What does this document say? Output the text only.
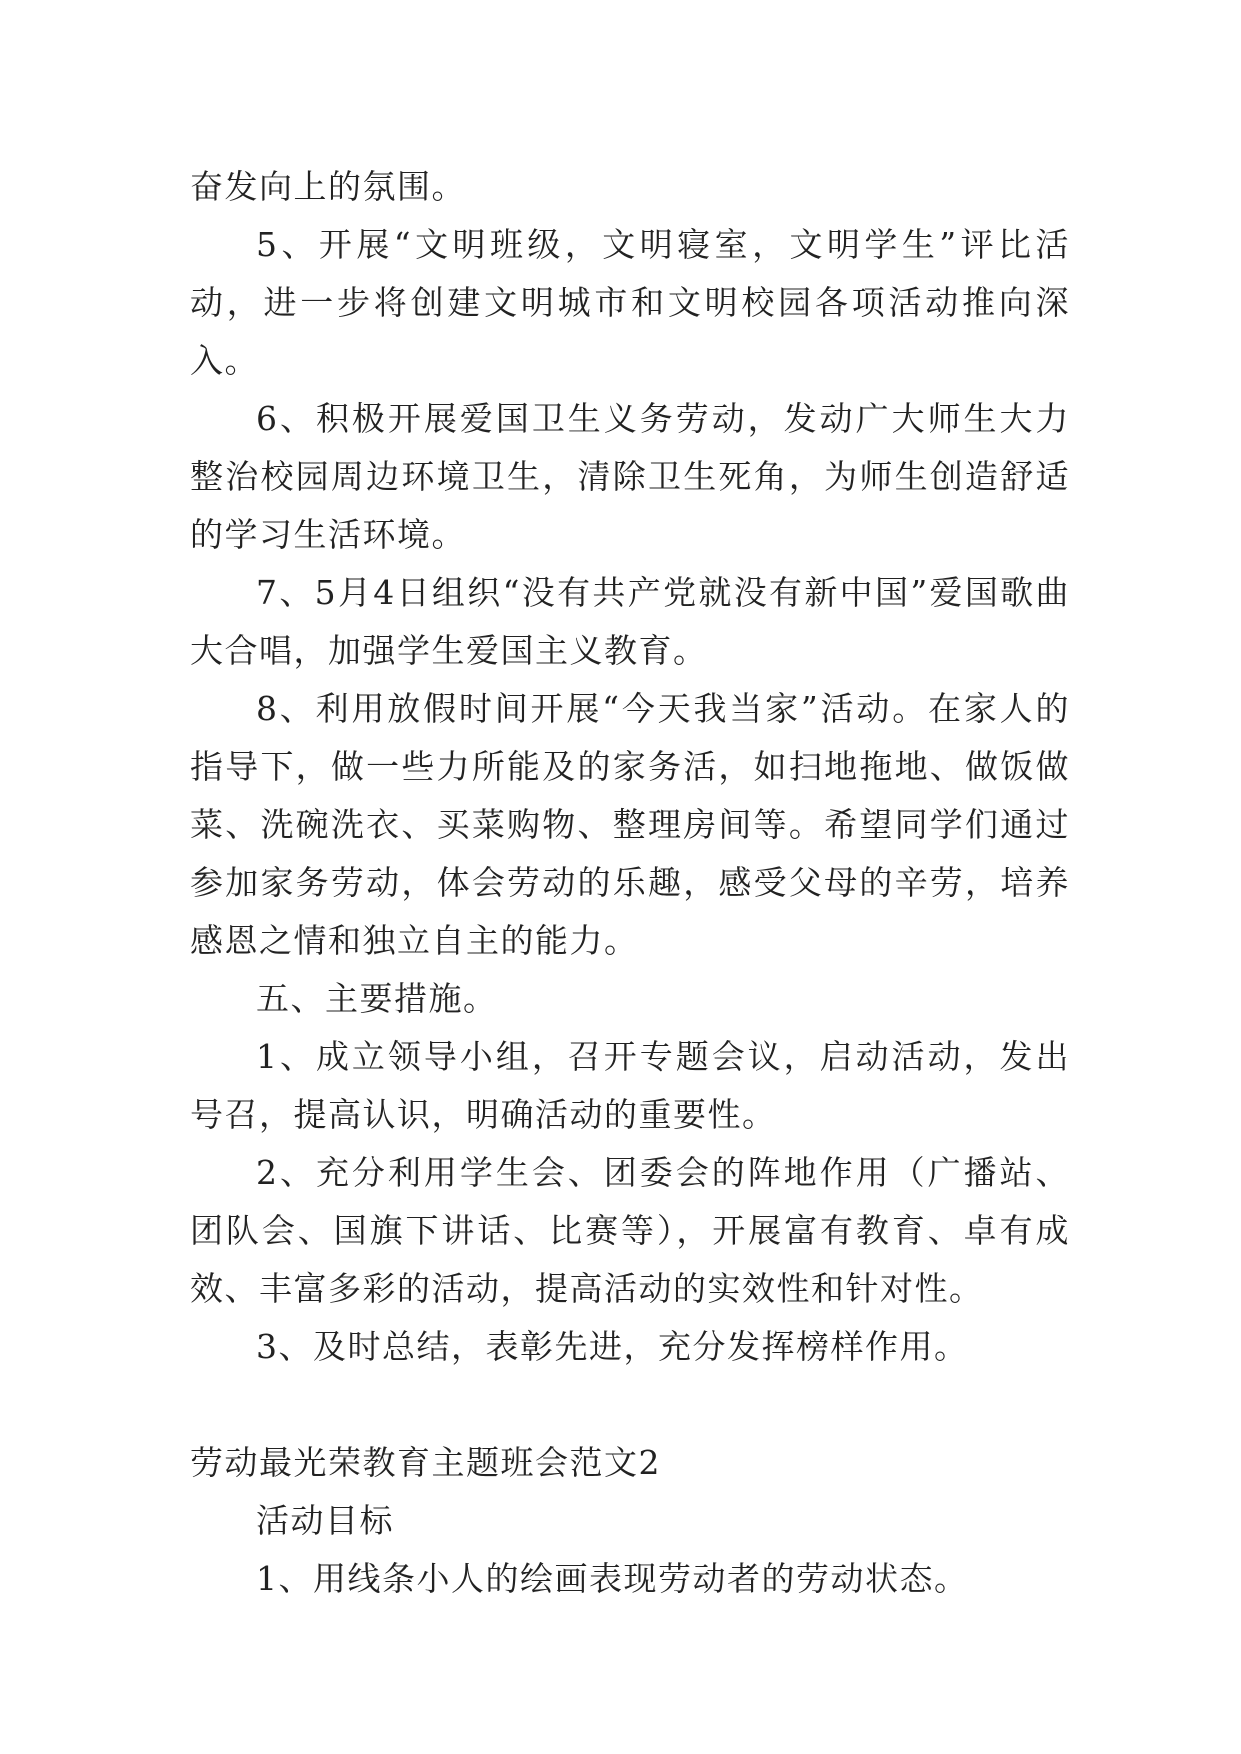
奋发向上的氛围。

5、开展“文明班级，文明寝室，文明学生”评比活动，进一步将创建文明城市和文明校园各项活动推向深入。

6、积极开展爱国卫生义务劳动，发动广大师生大力整治校园周边环境卫生，清除卫生死角，为师生创造舒适的学习生活环境。

7、5月4日组织“没有共产党就没有新中国”爱国歌曲大合唱，加强学生爱国主义教育。

8、利用放假时间开展“今天我当家”活动。在家人的指导下，做一些力所能及的家务活，如扫地拖地、做饭做菜、洗碗洗衣、买菜购物、整理房间等。希望同学们通过参加家务劳动，体会劳动的乐趣，感受父母的辛劳，培养感恩之情和独立自主的能力。

五、主要措施。

1、成立领导小组，召开专题会议，启动活动，发出号召，提高认识，明确活动的重要性。

2、充分利用学生会、团委会的阵地作用（广播站、团队会、国旗下讲话、比赛等），开展富有教育、卓有成效、丰富多彩的活动，提高活动的实效性和针对性。

3、及时总结，表彰先进，充分发挥榜样作用。

劳动最光荣教育主题班会范文2

活动目标

1、用线条小人的绘画表现劳动者的劳动状态。
